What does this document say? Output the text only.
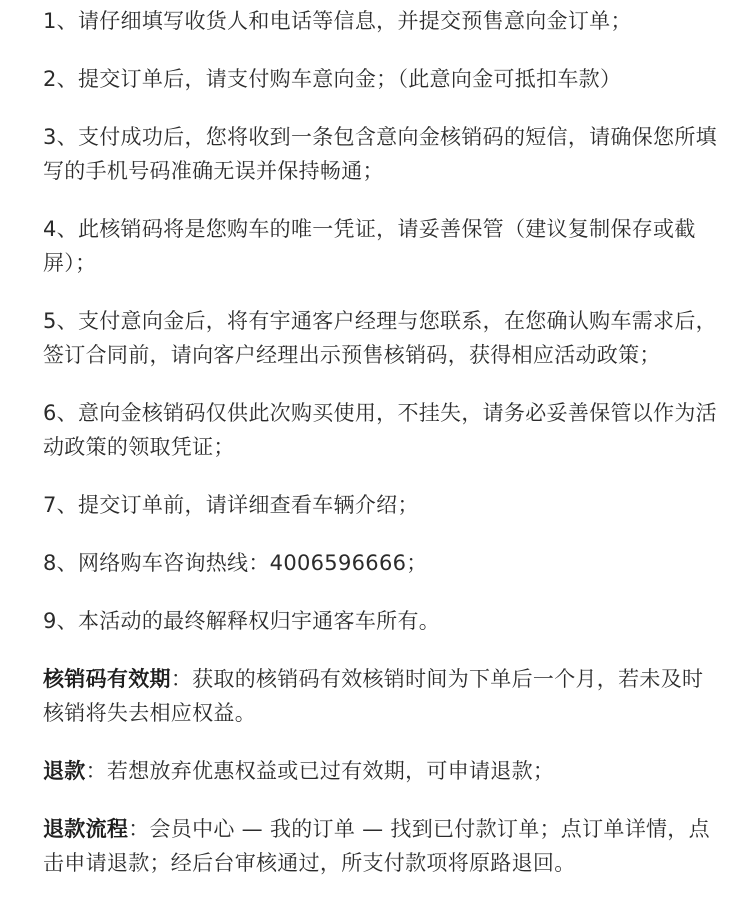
1、请仔细填写收货人和电话等信息，并提交预售意向金订单；

2、提交订单后，请支付购车意向金；（此意向金可抵扣车款）

3、支付成功后，您将收到一条包含意向金核销码的短信，请确保您所填写的手机号码准确无误并保持畅通；

4、此核销码将是您购车的唯一凭证，请妥善保管（建议复制保存或截屏）；

5、支付意向金后，将有宇通客户经理与您联系，在您确认购车需求后，签订合同前，请向客户经理出示预售核销码，获得相应活动政策；

6、意向金核销码仅供此次购买使用，不挂失，请务必妥善保管以作为活动政策的领取凭证；

7、提交订单前，请详细查看车辆介绍；

8、网络购车咨询热线：4006596666；

9、本活动的最终解释权归宇通客车所有。

核销码有效期：获取的核销码有效核销时间为下单后一个月，若未及时核销将失去相应权益。

退款：若想放弃优惠权益或已过有效期，可申请退款；

退款流程：会员中心 — 我的订单 — 找到已付款订单；点订单详情，点击申请退款；经后台审核通过，所支付款项将原路退回。
